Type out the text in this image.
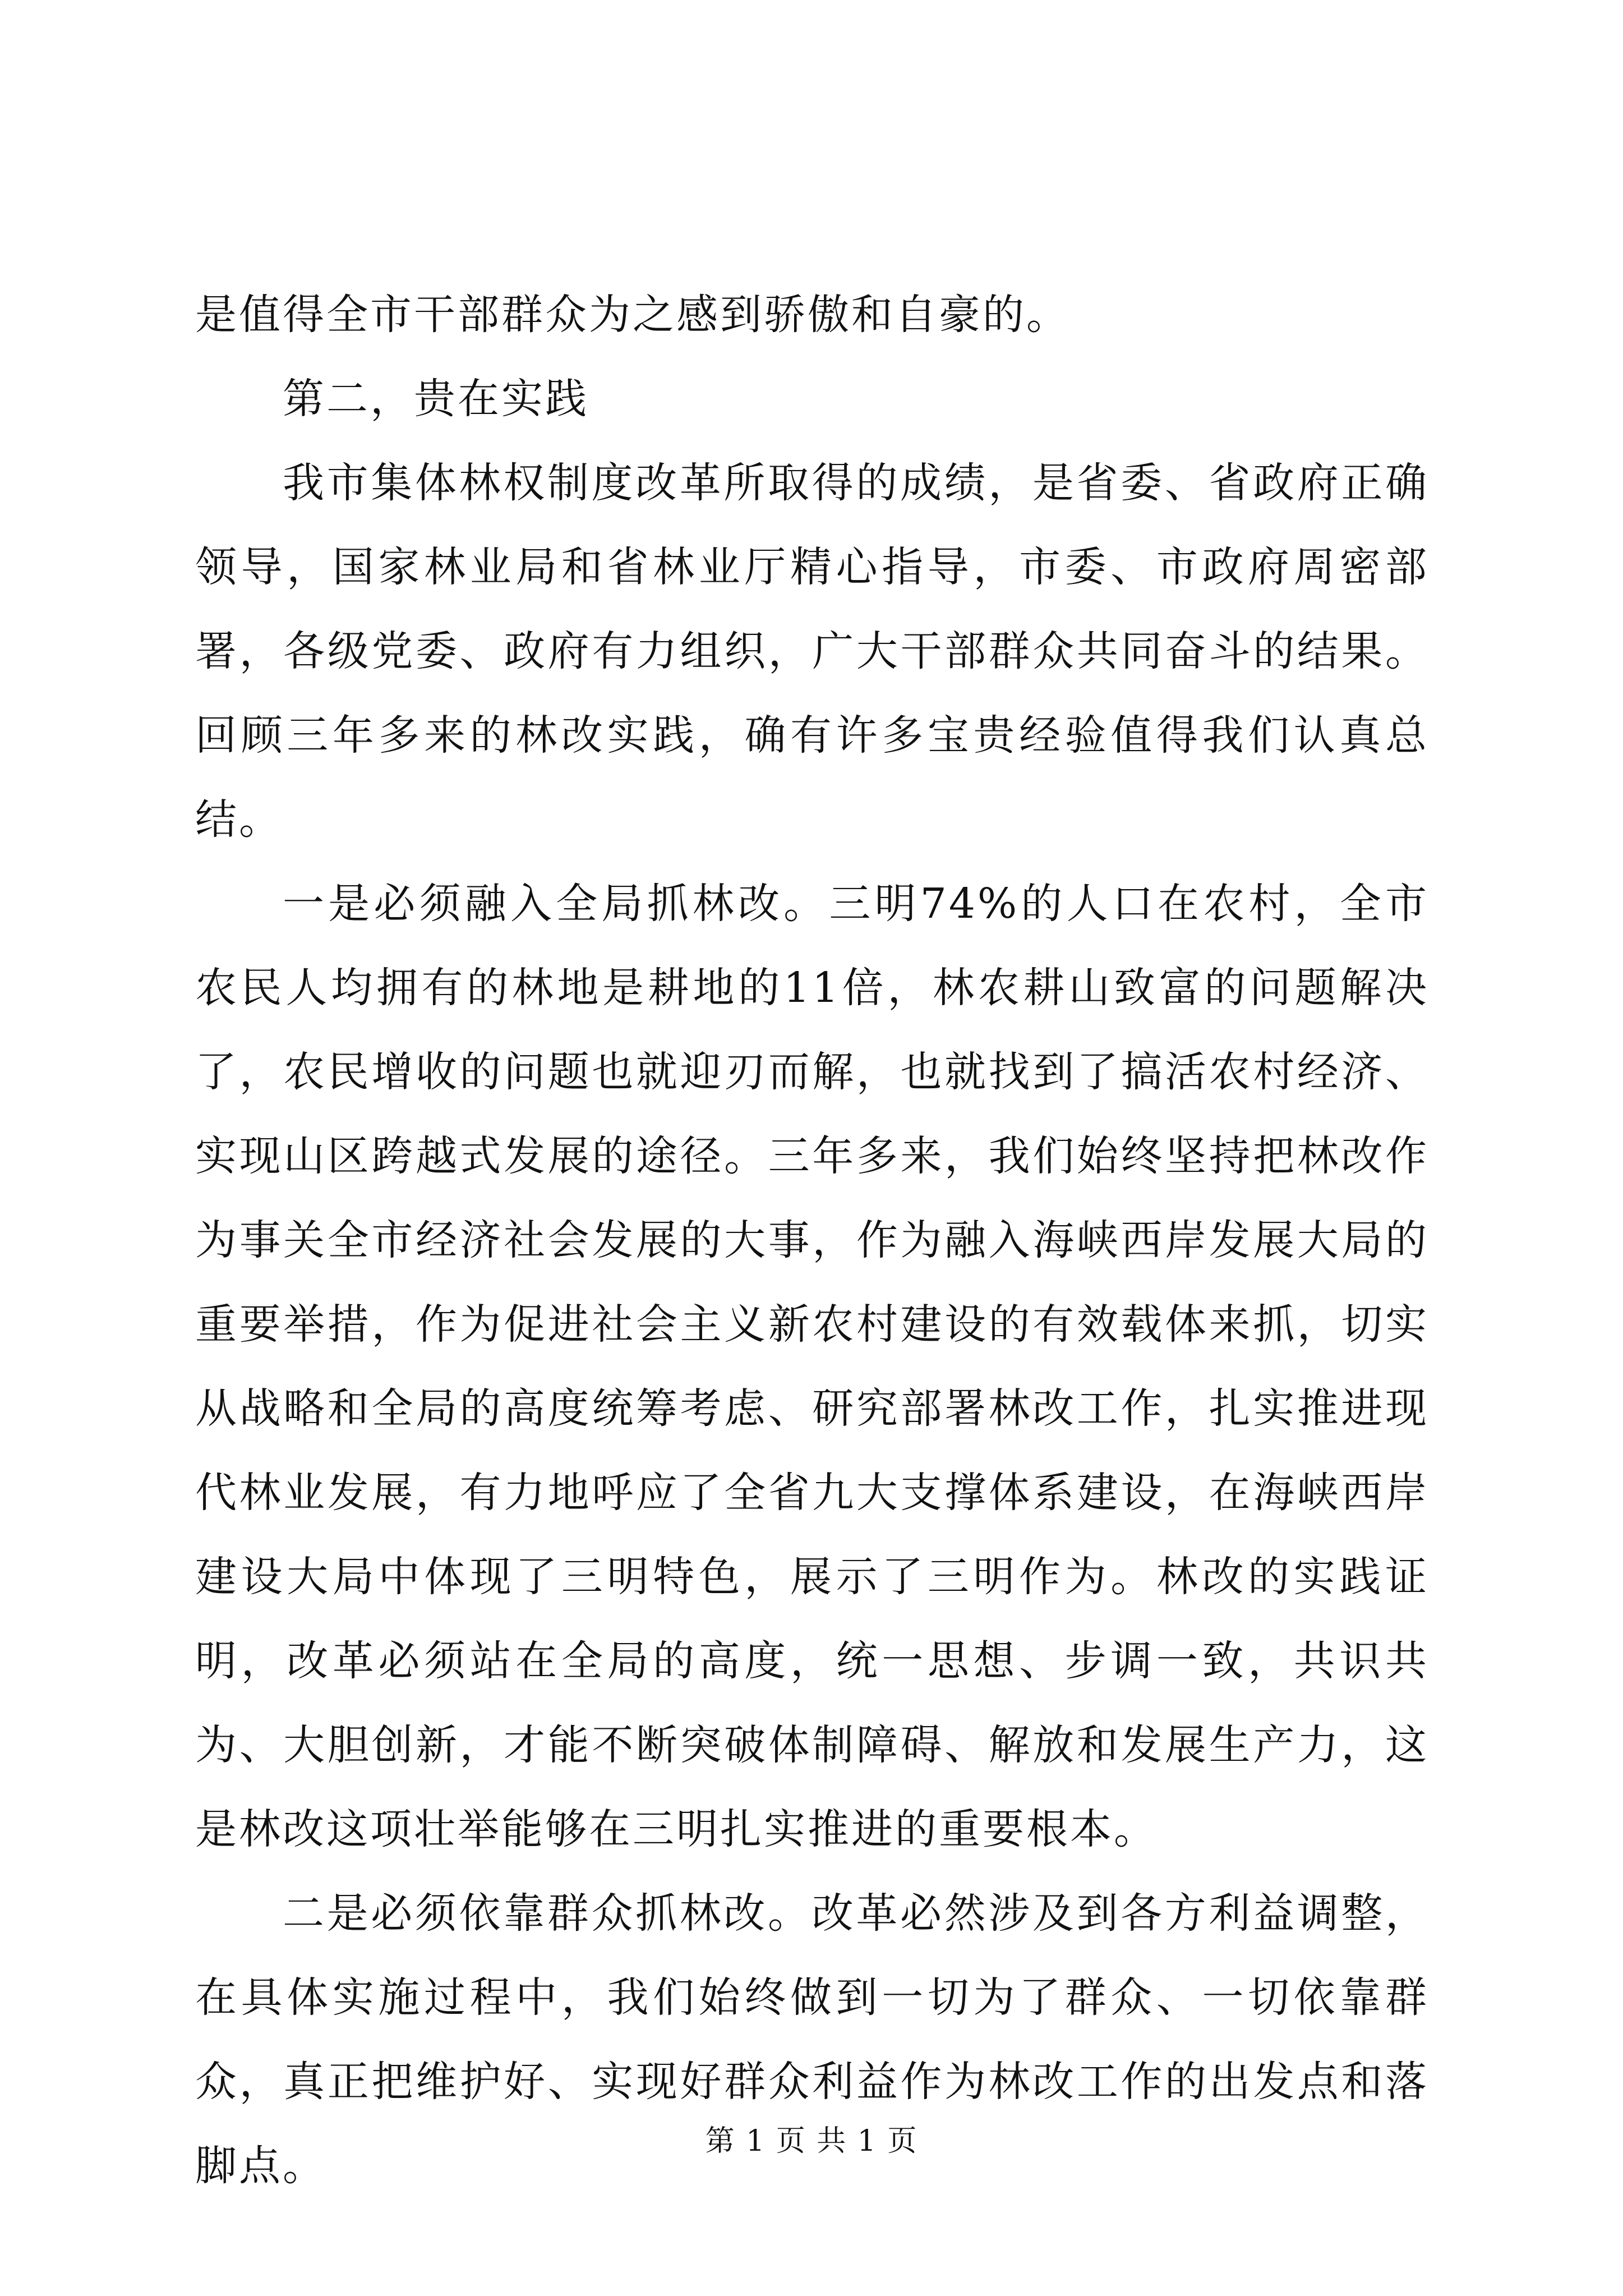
是值得全市干部群众为之感到骄傲和自豪的。

第二，贵在实践

我市集体林权制度改革所取得的成绩，是省委、省政府正确领导，国家林业局和省林业厅精心指导，市委、市政府周密部署，各级党委、政府有力组织，广大干部群众共同奋斗的结果。回顾三年多来的林改实践，确有许多宝贵经验值得我们认真总结。

一是必须融入全局抓林改。三明74%的人口在农村，全市农民人均拥有的林地是耕地的11倍，林农耕山致富的问题解决了，农民增收的问题也就迎刃而解，也就找到了搞活农村经济、实现山区跨越式发展的途径。三年多来，我们始终坚持把林改作为事关全市经济社会发展的大事，作为融入海峡西岸发展大局的重要举措，作为促进社会主义新农村建设的有效载体来抓，切实从战略和全局的高度统筹考虑、研究部署林改工作，扎实推进现代林业发展，有力地呼应了全省九大支撑体系建设，在海峡西岸建设大局中体现了三明特色，展示了三明作为。林改的实践证明，改革必须站在全局的高度，统一思想、步调一致，共识共为、大胆创新，才能不断突破体制障碍、解放和发展生产力，这是林改这项壮举能够在三明扎实推进的重要根本。

二是必须依靠群众抓林改。改革必然涉及到各方利益调整，在具体实施过程中，我们始终做到一切为了群众、一切依靠群众，真正把维护好、实现好群众利益作为林改工作的出发点和落脚点。

第 1 页 共 1 页
